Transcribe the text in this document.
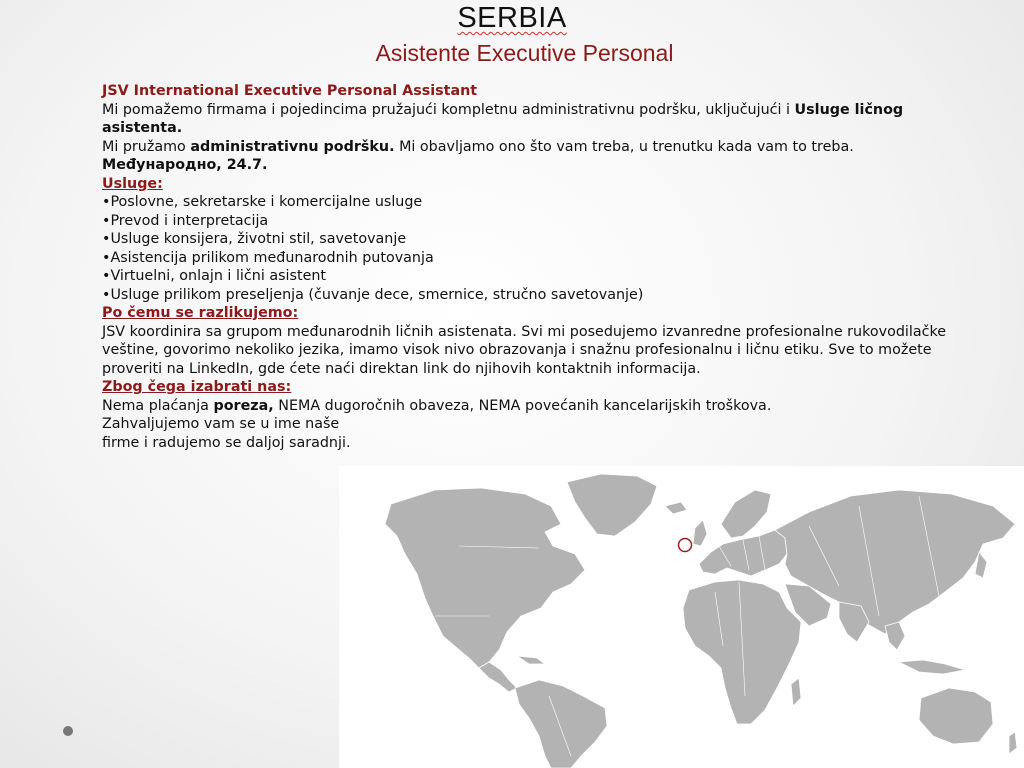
SERBIA
Asistente Executive Personal

JSV International Executive Personal Assistant

Mi pomažemo firmama i pojedincima pružajući kompletnu administrativnu podršku, uključujući i Usluge ličnog asistenta.

Mi pružamo administrativnu podršku. Mi obavljamo ono što vam treba, u trenutku kada vam to treba.

Međународно, 24.7.

Usluge:

• Poslovne, sekretarske i komercijalne usluge
• Prevod i interpretacija
• Usluge konsijera, životni stil, savetovanje
• Asistencija prilikom međunarodnih putovanja
• Virtuelni, onlajn i lični asistent
• Usluge prilikom preseljenja (čuvanje dece, smernice, stručno savetovanje)

Po čemu se razlikujemo:

JSV koordinira sa grupom međunarodnih ličnih asistenata. Svi mi posedujemo izvanredne profesionalne rukovodilačke veštine, govorimo nekoliko jezika, imamo visok nivo obrazovanja i snažnu profesionalnu i ličnu etiku. Sve to možete proveriti na LinkedIn, gde ćete naći direktan link do njihovih kontaktnih informacija.

Zbog čega izabrati nas:

Nema plaćanja poreza, NEMA dugoročnih obaveza, NEMA povećanih kancelarijskih troškova.

Zahvaljujemo vam se u ime naše

firme i radujemo se daljoj saradnji.
